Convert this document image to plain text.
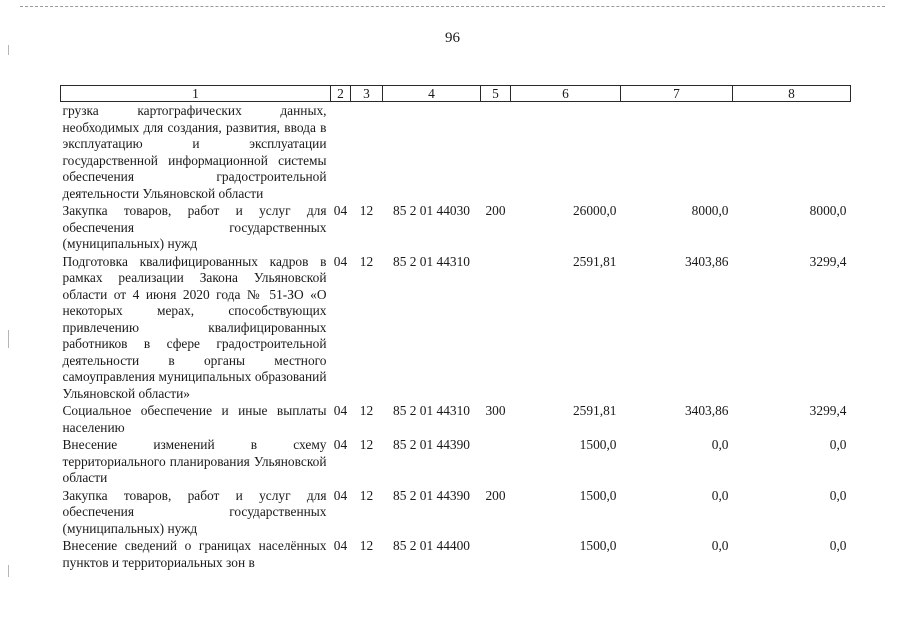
96
1	2	3	4	5	6	7	8
грузка картографических данных, необходимых для создания, развития, ввода в эксплуатацию и эксплуатации государственной информационной системы обеспечения градостроительной деятельности Ульяновской области							
Закупка товаров, работ и услуг для обеспечения государственных (муниципальных) нужд	04	12	85 2 01 44030	200	26000,0	8000,0	8000,0
Подготовка квалифицированных кадров в рамках реализации Закона Ульяновской области от 4 июня 2020 года № 51-ЗО «О некоторых мерах, способствующих привлечению квалифицированных работников в сфере градостроительной деятельности в органы местного самоуправления муниципальных образований Ульяновской области»	04	12	85 2 01 44310		2591,81	3403,86	3299,4
Социальное обеспечение и иные выплаты населению	04	12	85 2 01 44310	300	2591,81	3403,86	3299,4
Внесение изменений в схему территориального планирования Ульяновской области	04	12	85 2 01 44390		1500,0	0,0	0,0
Закупка товаров, работ и услуг для обеспечения государственных (муниципальных) нужд	04	12	85 2 01 44390	200	1500,0	0,0	0,0
Внесение сведений о границах населённых пунктов и территориальных зон в	04	12	85 2 01 44400		1500,0	0,0	0,0
